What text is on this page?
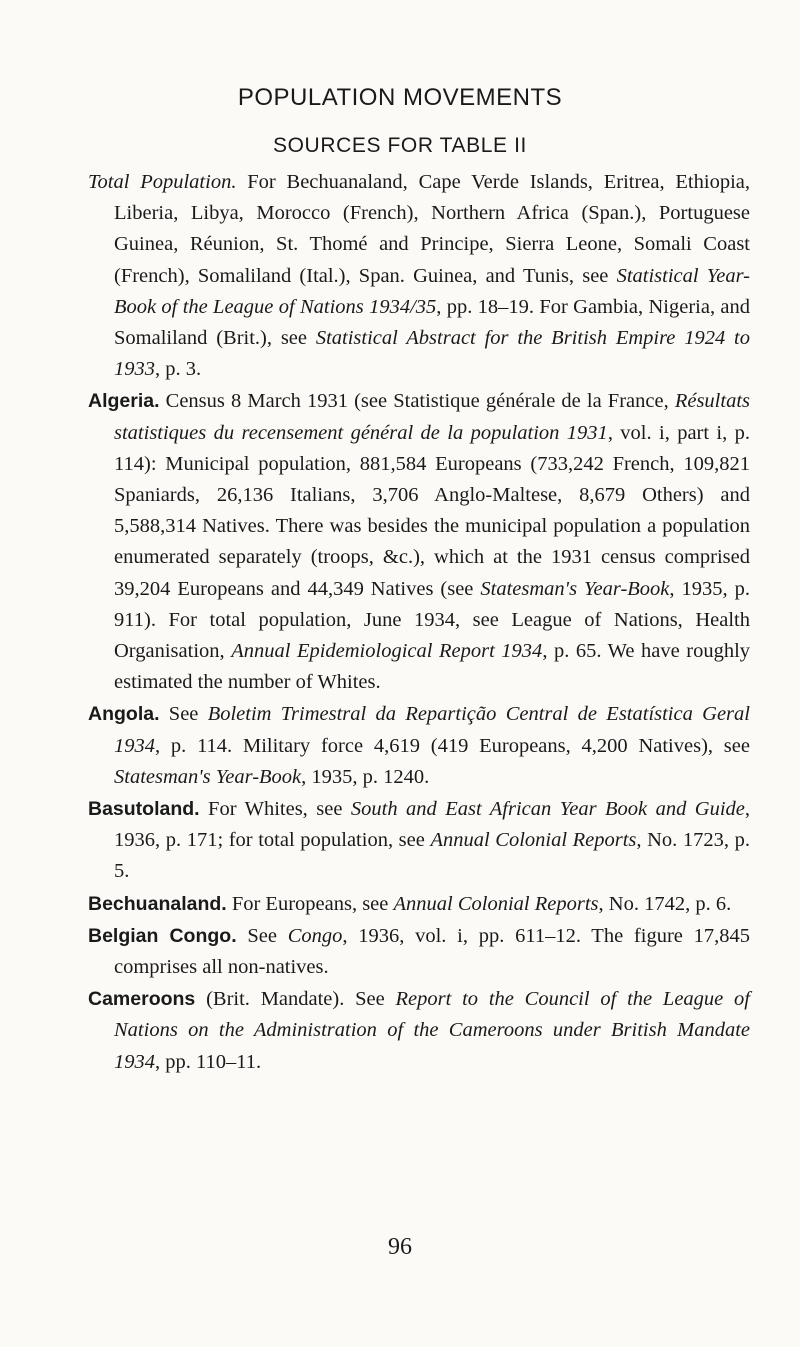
POPULATION MOVEMENTS
SOURCES FOR TABLE II

Total Population. For Bechuanaland, Cape Verde Islands, Eritrea, Ethiopia, Liberia, Libya, Morocco (French), Northern Africa (Span.), Portuguese Guinea, Réunion, St. Thomé and Principe, Sierra Leone, Somali Coast (French), Somaliland (Ital.), Span. Guinea, and Tunis, see Statistical Year-Book of the League of Nations 1934/35, pp. 18–19. For Gambia, Nigeria, and Somaliland (Brit.), see Statistical Abstract for the British Empire 1924 to 1933, p. 3.

Algeria. Census 8 March 1931 (see Statistique générale de la France, Résultats statistiques du recensement général de la population 1931, vol. i, part i, p. 114): Municipal population, 881,584 Europeans (733,242 French, 109,821 Spaniards, 26,136 Italians, 3,706 Anglo-Maltese, 8,679 Others) and 5,588,314 Natives. There was besides the municipal population a population enumerated separately (troops, &c.), which at the 1931 census comprised 39,204 Europeans and 44,349 Natives (see Statesman's Year-Book, 1935, p. 911). For total population, June 1934, see League of Nations, Health Organisation, Annual Epidemiological Report 1934, p. 65. We have roughly estimated the number of Whites.

Angola. See Boletim Trimestral da Repartição Central de Estatística Geral 1934, p. 114. Military force 4,619 (419 Europeans, 4,200 Natives), see Statesman's Year-Book, 1935, p. 1240.

Basutoland. For Whites, see South and East African Year Book and Guide, 1936, p. 171; for total population, see Annual Colonial Reports, No. 1723, p. 5.

Bechuanaland. For Europeans, see Annual Colonial Reports, No. 1742, p. 6.

Belgian Congo. See Congo, 1936, vol. i, pp. 611–12. The figure 17,845 comprises all non-natives.

Cameroons (Brit. Mandate). See Report to the Council of the League of Nations on the Administration of the Cameroons under British Mandate 1934, pp. 110–11.

96
